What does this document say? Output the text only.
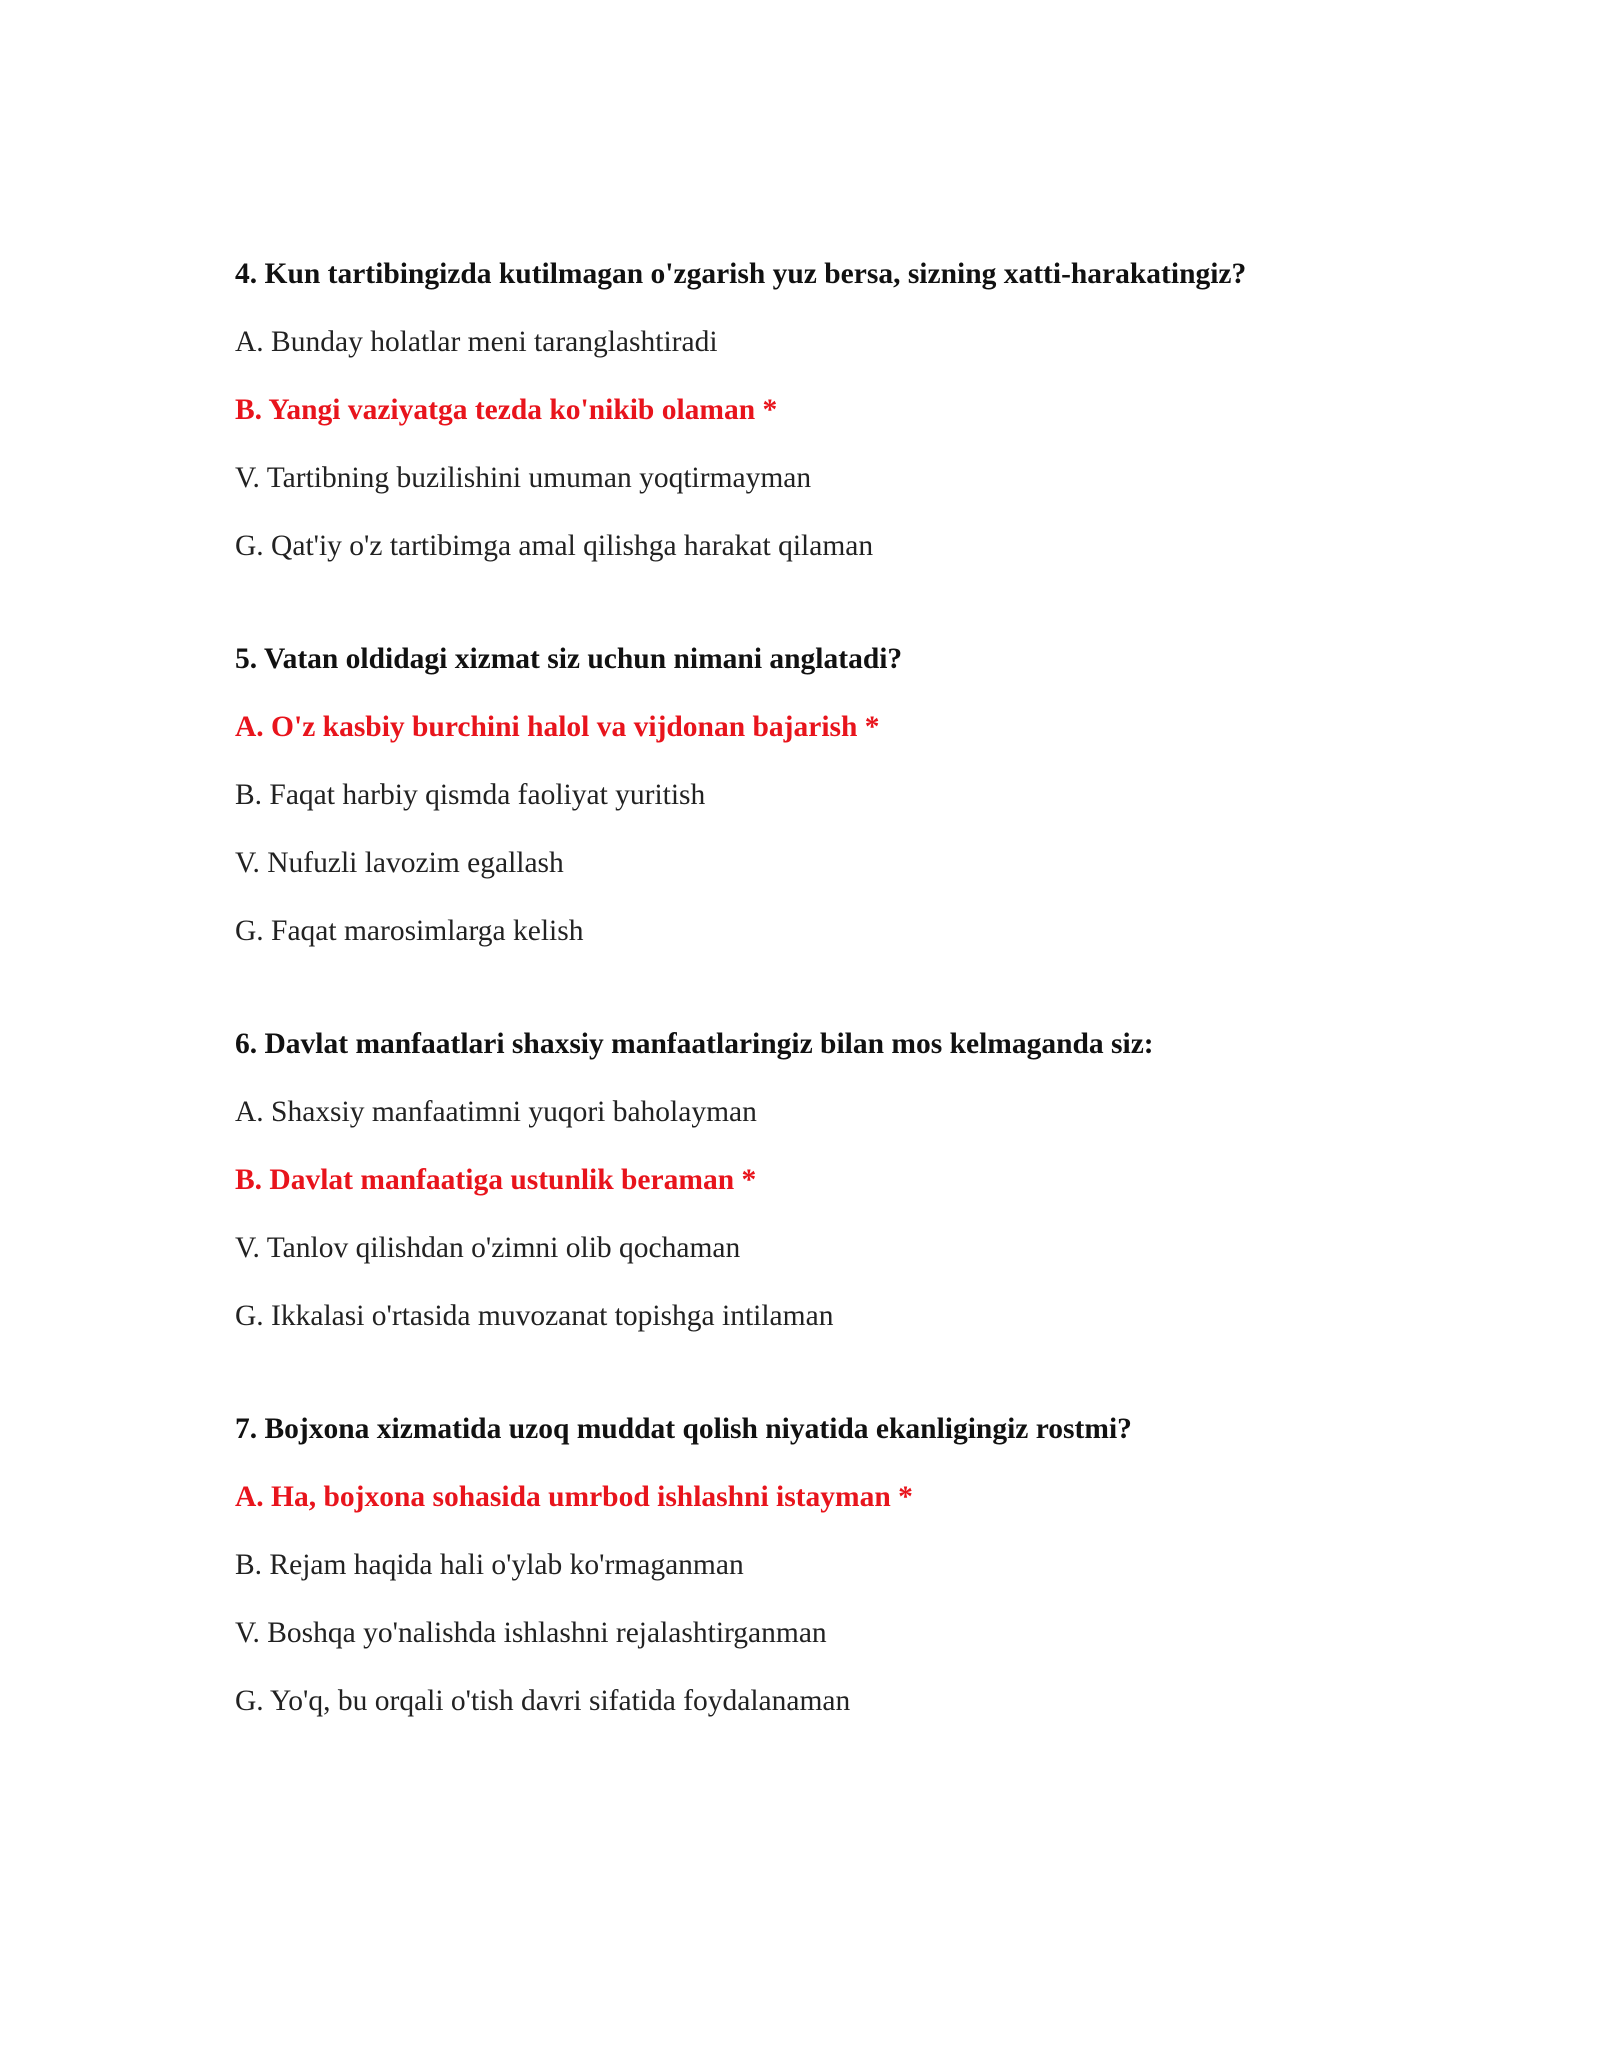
4. Kun tartibingizda kutilmagan o'zgarish yuz bersa, sizning xatti-harakatingiz?
A. Bunday holatlar meni taranglashtiradi
B. Yangi vaziyatga tezda ko'nikib olaman *
V. Tartibning buzilishini umuman yoqtirmayman
G. Qat'iy o'z tartibimga amal qilishga harakat qilaman
5. Vatan oldidagi xizmat siz uchun nimani anglatadi?
A. O'z kasbiy burchini halol va vijdonan bajarish *
B. Faqat harbiy qismda faoliyat yuritish
V. Nufuzli lavozim egallash
G. Faqat marosimlarga kelish
6. Davlat manfaatlari shaxsiy manfaatlaringiz bilan mos kelmaganda siz:
A. Shaxsiy manfaatimni yuqori baholayman
B. Davlat manfaatiga ustunlik beraman *
V. Tanlov qilishdan o'zimni olib qochaman
G. Ikkalasi o'rtasida muvozanat topishga intilaman
7. Bojxona xizmatida uzoq muddat qolish niyatida ekanligingiz rostmi?
A. Ha, bojxona sohasida umrbod ishlashni istayman *
B. Rejam haqida hali o'ylab ko'rmaganman
V. Boshqa yo'nalishda ishlashni rejalashtirganman
G. Yo'q, bu orqali o'tish davri sifatida foydalanaman
